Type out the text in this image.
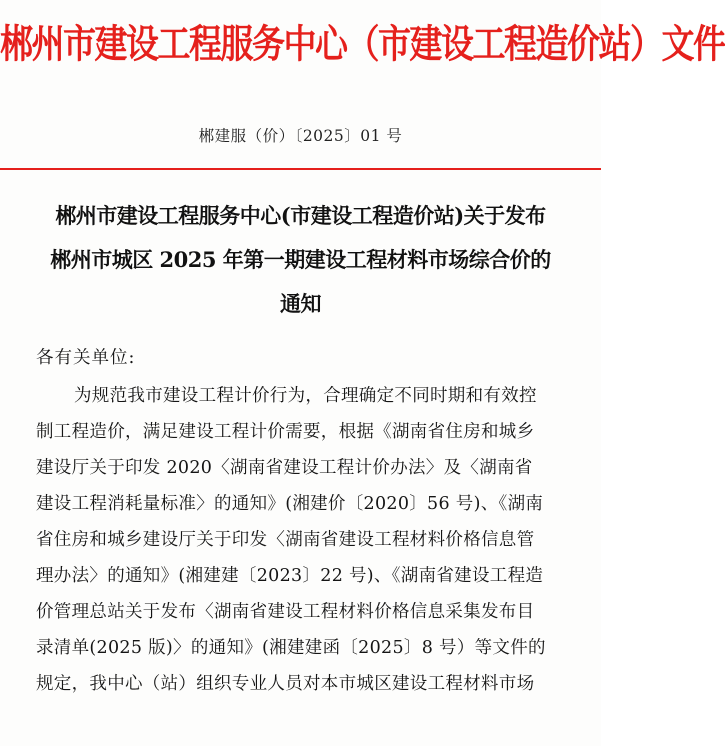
郴州市建设工程服务中心（市建设工程造价站）文件
郴建服（价）〔2025〕01 号
郴州市建设工程服务中心(市建设工程造价站)关于发布
郴州市城区 2025 年第一期建设工程材料市场综合价的
通知
各有关单位:
为规范我市建设工程计价行为，合理确定不同时期和有效控
制工程造价，满足建设工程计价需要，根据《湖南省住房和城乡
建设厅关于印发 2020〈湖南省建设工程计价办法〉及〈湖南省
建设工程消耗量标准〉的通知》(湘建价〔2020〕56 号)、《湖南
省住房和城乡建设厅关于印发〈湖南省建设工程材料价格信息管
理办法〉的通知》(湘建建〔2023〕22 号)、《湖南省建设工程造
价管理总站关于发布〈湖南省建设工程材料价格信息采集发布目
录清单(2025 版)〉的通知》(湘建建函〔2025〕8 号）等文件的
规定，我中心（站）组织专业人员对本市城区建设工程材料市场
